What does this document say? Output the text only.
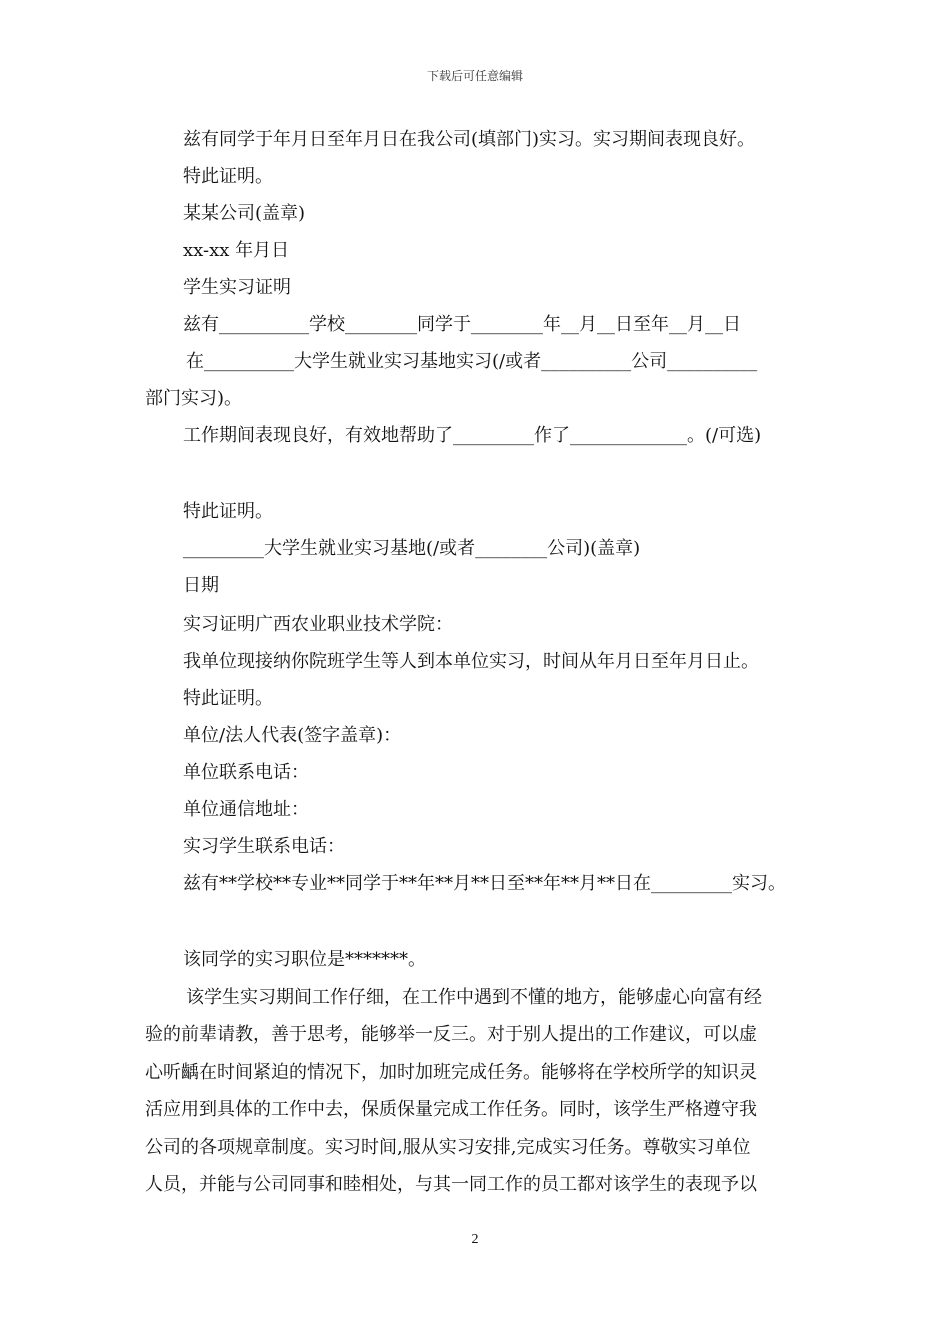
下载后可任意编辑
兹有同学于年月日至年月日在我公司(填部门)实习。实习期间表现良好。
特此证明。
某某公司(盖章)
xx-xx 年月日
学生实习证明
兹有__________学校________同学于________年__月__日至年__月__日
在__________大学生就业实习基地实习(/或者__________公司__________
部门实习)。
工作期间表现良好，有效地帮助了_________作了_____________。(/可选)
特此证明。
_________大学生就业实习基地(/或者________公司)(盖章)
日期
实习证明广西农业职业技术学院：
我单位现接纳你院班学生等人到本单位实习，时间从年月日至年月日止。
特此证明。
单位/法人代表(签字盖章)：
单位联系电话：
单位通信地址：
实习学生联系电话：
兹有**学校**专业**同学于**年**月**日至**年**月**日在_________实习。
该同学的实习职位是*******。
该学生实习期间工作仔细，在工作中遇到不懂的地方，能够虚心向富有经
验的前辈请教，善于思考，能够举一反三。对于别人提出的工作建议，可以虚
心听齲在时间紧迫的情况下，加时加班完成任务。能够将在学校所学的知识灵
活应用到具体的工作中去，保质保量完成工作任务。同时，该学生严格遵守我
公司的各项规章制度。实习时间,服从实习安排,完成实习任务。尊敬实习单位
人员，并能与公司同事和睦相处，与其一同工作的员工都对该学生的表现予以
2
